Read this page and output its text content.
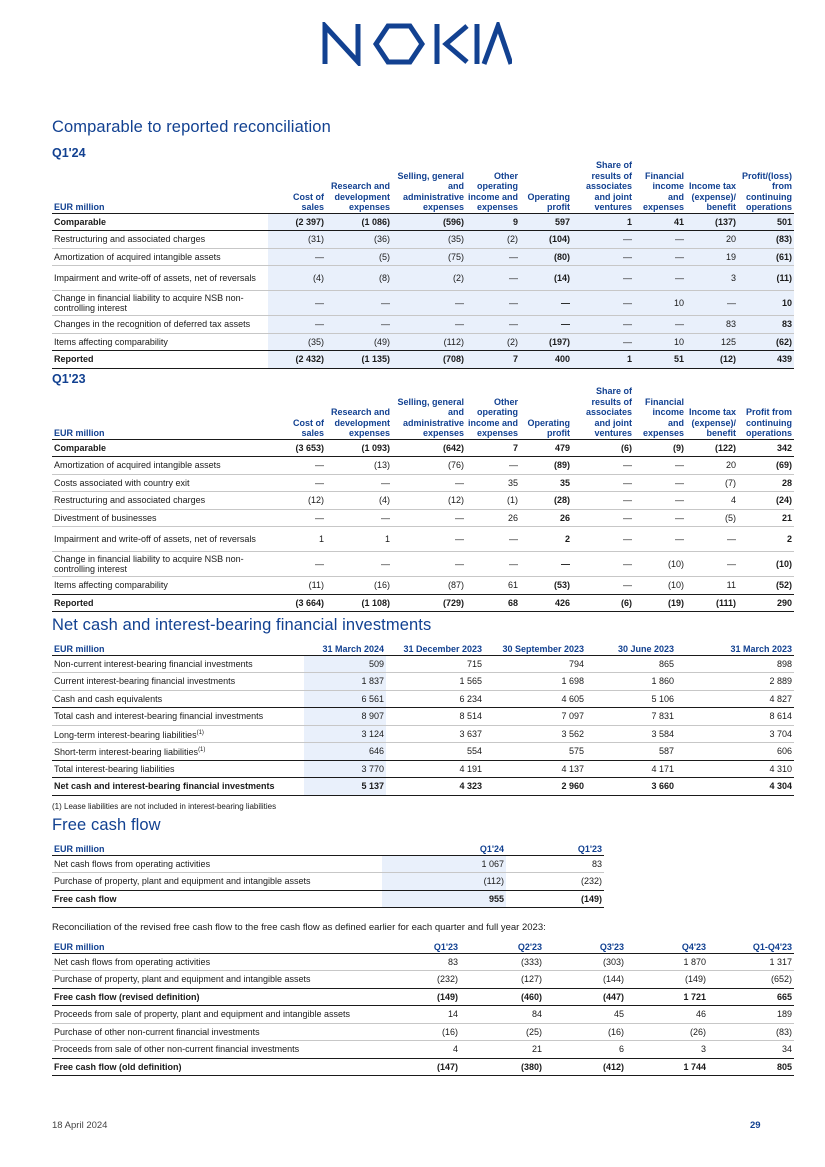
Comparable to reported reconciliation

Q1'24

EUR million	Cost of sales	Research and development expenses	Selling, general and administrative expenses	Other operating income and expenses	Operating profit	Share of results of associates and joint ventures	Financial income and expenses	Income tax (expense)/ benefit	Profit/(loss) from continuing operations
Comparable	(2 397)	(1 086)	(596)	9	597	1	41	(137)	501
Restructuring and associated charges	(31)	(36)	(35)	(2)	(104)	—	—	20	(83)
Amortization of acquired intangible assets	—	(5)	(75)	—	(80)	—	—	19	(61)
Impairment and write-off of assets, net of reversals	(4)	(8)	(2)	—	(14)	—	—	3	(11)
Change in financial liability to acquire NSB non-controlling interest	—	—	—	—	—	—	10	—	10
Changes in the recognition of deferred tax assets	—	—	—	—	—	—	—	83	83
Items affecting comparability	(35)	(49)	(112)	(2)	(197)	—	10	125	(62)
Reported	(2 432)	(1 135)	(708)	7	400	1	51	(12)	439

Q1'23

EUR million	Cost of sales	Research and development expenses	Selling, general and administrative expenses	Other operating income and expenses	Operating profit	Share of results of associates and joint ventures	Financial income and expenses	Income tax (expense)/ benefit	Profit from continuing operations
Comparable	(3 653)	(1 093)	(642)	7	479	(6)	(9)	(122)	342
Amortization of acquired intangible assets	—	(13)	(76)	—	(89)	—	—	20	(69)
Costs associated with country exit	—	—	—	35	35	—	—	(7)	28
Restructuring and associated charges	(12)	(4)	(12)	(1)	(28)	—	—	4	(24)
Divestment of businesses	—	—	—	26	26	—	—	(5)	21
Impairment and write-off of assets, net of reversals	1	1	—	—	2	—	—	—	2
Change in financial liability to acquire NSB non-controlling interest	—	—	—	—	—	—	(10)	—	(10)
Items affecting comparability	(11)	(16)	(87)	61	(53)	—	(10)	11	(52)
Reported	(3 664)	(1 108)	(729)	68	426	(6)	(19)	(111)	290
Net cash and interest-bearing financial investments
EUR million	31 March 2024	31 December 2023	30 September 2023	30 June 2023	31 March 2023
Non-current interest-bearing financial investments	509	715	794	865	898
Current interest-bearing financial investments	1 837	1 565	1 698	1 860	2 889
Cash and cash equivalents	6 561	6 234	4 605	5 106	4 827
Total cash and interest-bearing financial investments	8 907	8 514	7 097	7 831	8 614
Long-term interest-bearing liabilities$^{(1)}$	3 124	3 637	3 562	3 584	3 704
Short-term interest-bearing liabilities$^{(1)}$	646	554	575	587	606
Total interest-bearing liabilities	3 770	4 191	4 137	4 171	4 310
Net cash and interest-bearing financial investments	5 137	4 323	2 960	3 660	4 304
(1) Lease liabilities are not included in interest-bearing liabilities
Free cash flow
EUR million	Q1'24	Q1'23
Net cash flows from operating activities	1 067	83
Purchase of property, plant and equipment and intangible assets	(112)	(232)
Free cash flow	955	(149)

Reconciliation of the revised free cash flow to the free cash flow as defined earlier for each quarter and full year 2023:

EUR million	Q1'23	Q2'23	Q3'23	Q4'23	Q1-Q4'23
Net cash flows from operating activities	83	(333)	(303)	1 870	1 317
Purchase of property, plant and equipment and intangible assets	(232)	(127)	(144)	(149)	(652)
Free cash flow (revised definition)	(149)	(460)	(447)	1 721	665
Proceeds from sale of property, plant and equipment and intangible assets	14	84	45	46	189
Purchase of other non-current financial investments	(16)	(25)	(16)	(26)	(83)
Proceeds from sale of other non-current financial investments	4	21	6	3	34
Free cash flow (old definition)	(147)	(380)	(412)	1 744	805
18 April 2024	29
